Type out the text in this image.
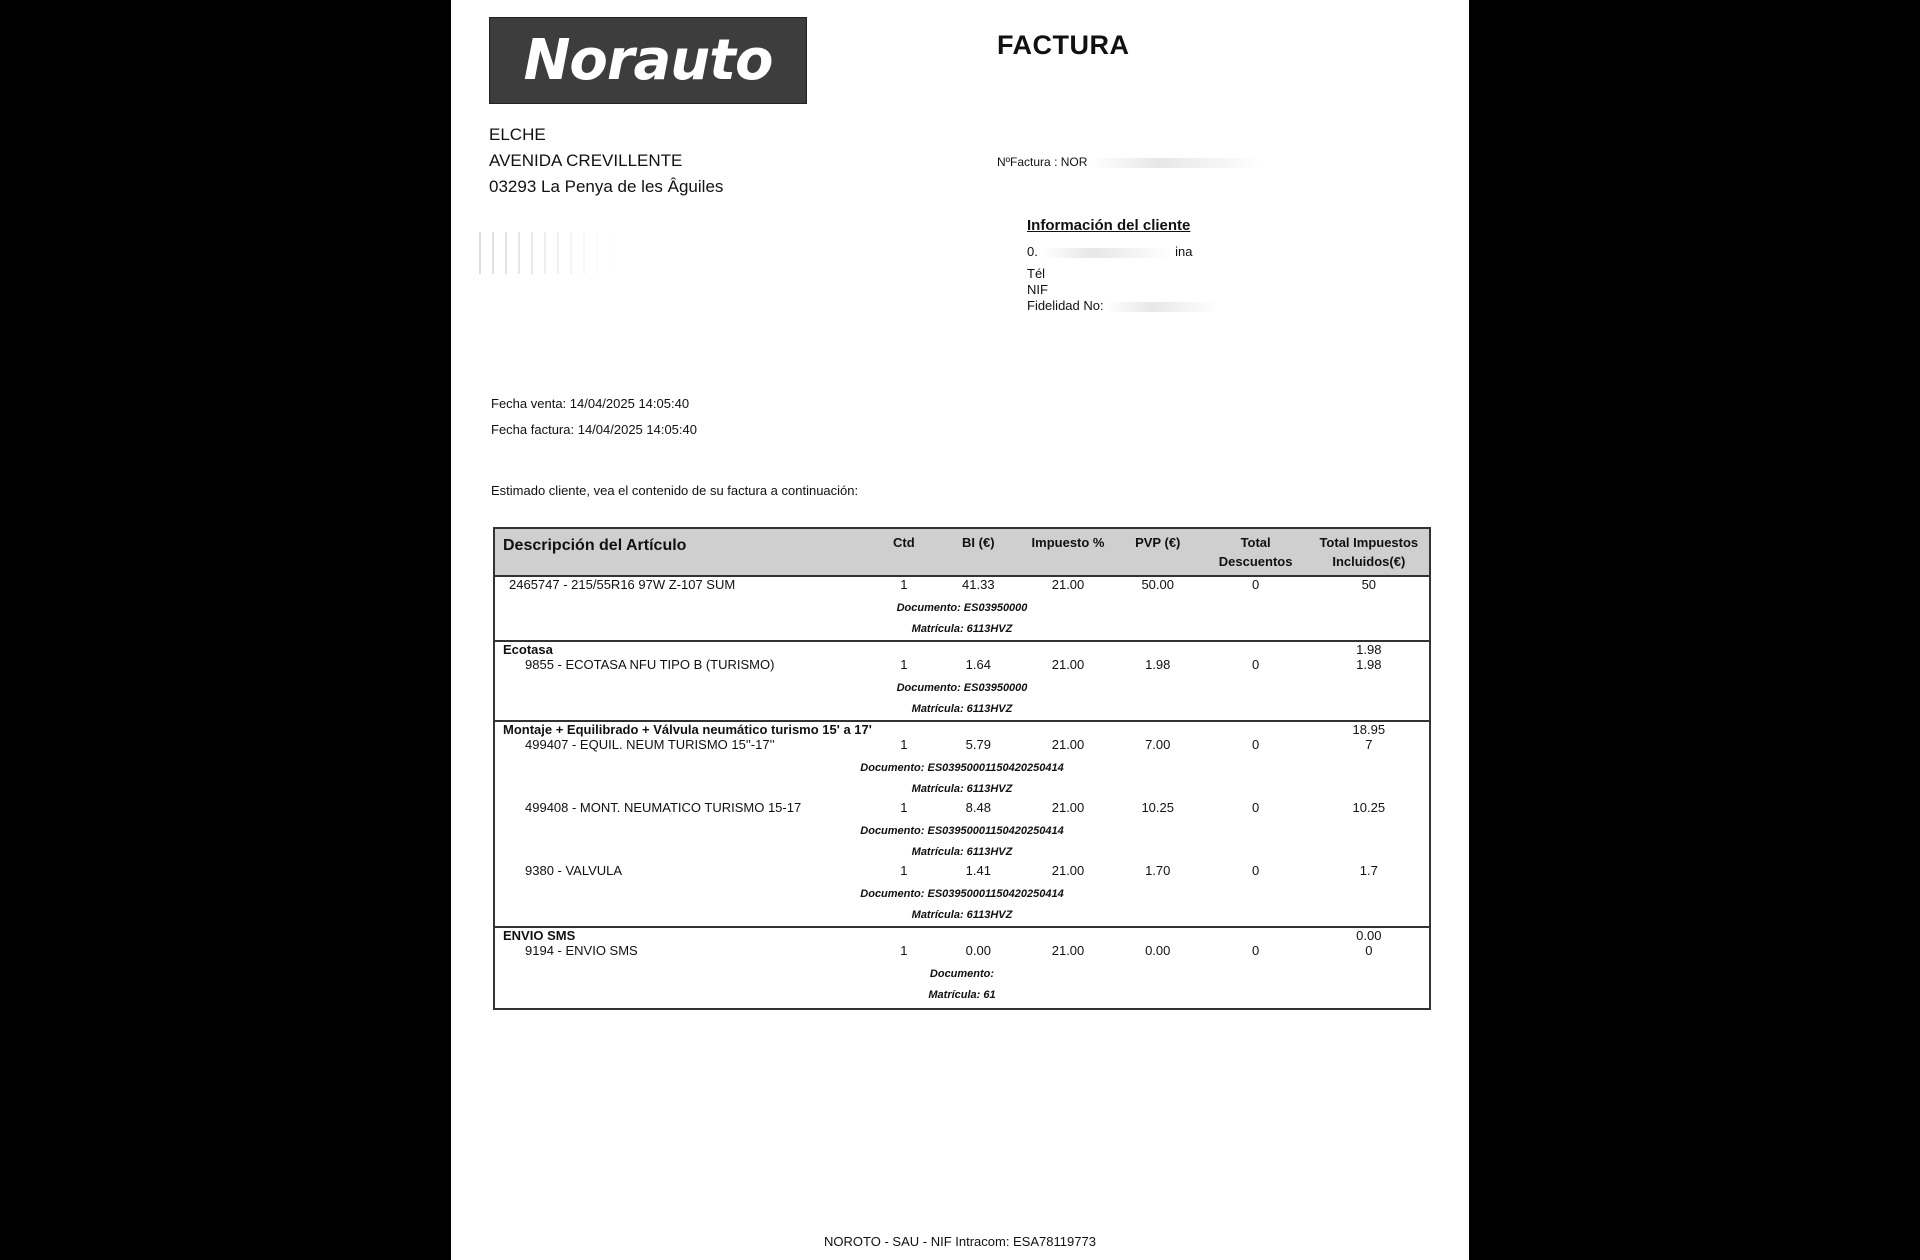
Norauto	FACTURA
ELCHE
AVENIDA CREVILLENTE
03293 La Penya de les Âguiles
NºFactura : NOR
Información del cliente
0.	ina
Tél
NIF
Fidelidad No:
Fecha venta: 14/04/2025 14:05:40
Fecha factura: 14/04/2025 14:05:40
Estimado cliente, vea el contenido de su factura a continuación:
Descripción del Artículo	Ctd	BI (€)	Impuesto %	PVP (€)	Total Descuentos	Total Impuestos Incluidos(€)
2465747 - 215/55R16 97W Z-107 SUM	1	41.33	21.00	50.00	0	50

Documento: ES03950000
Matrícula: 6113HVZ						

Ecotasa						1.98
9855 - ECOTASA NFU TIPO B (TURISMO)	1	1.64	21.00	1.98	0	1.98

Documento: ES03950000
Matrícula: 6113HVZ						

Montaje + Equilibrado + Válvula neumático turismo 15' a 17'						18.95
499407 - EQUIL. NEUM TURISMO 15''-17''	1	5.79	21.00	7.00	0	7

Documento: ES0395000115042025041​4
Matrícula: 6113HVZ						

499408 - MONT. NEUMATICO TURISMO 15-17	1	8.48	21.00	10.25	0	10.25

Documento: ES03950001150420250414
Matrícula: 6113HVZ						

9380 - VALVULA	1	1.41	21.00	1.70	0	1.7

Documento: ES03950001150420250414
Matrícula: 6113HVZ						

ENVIO SMS						0.00
9194 - ENVIO SMS	1	0.00	21.00	0.00	0	0

Documento:
Matrícula: 61						
NOROTO - SAU - NIF Intracom: ESA78119773
